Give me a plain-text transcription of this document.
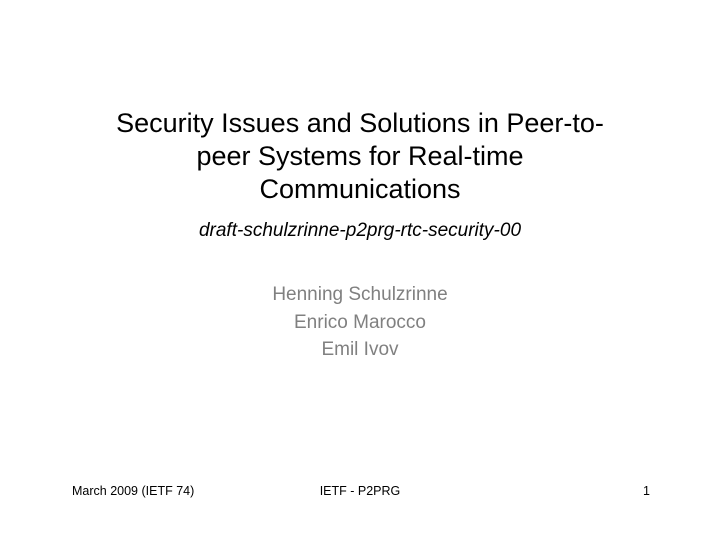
Security Issues and Solutions in Peer-to-
peer Systems for Real-time
Communications
draft-schulzrinne-p2prg-rtc-security-00
Henning Schulzrinne
Enrico Marocco
Emil Ivov
March 2009 (IETF 74)	IETF - P2PRG	1
